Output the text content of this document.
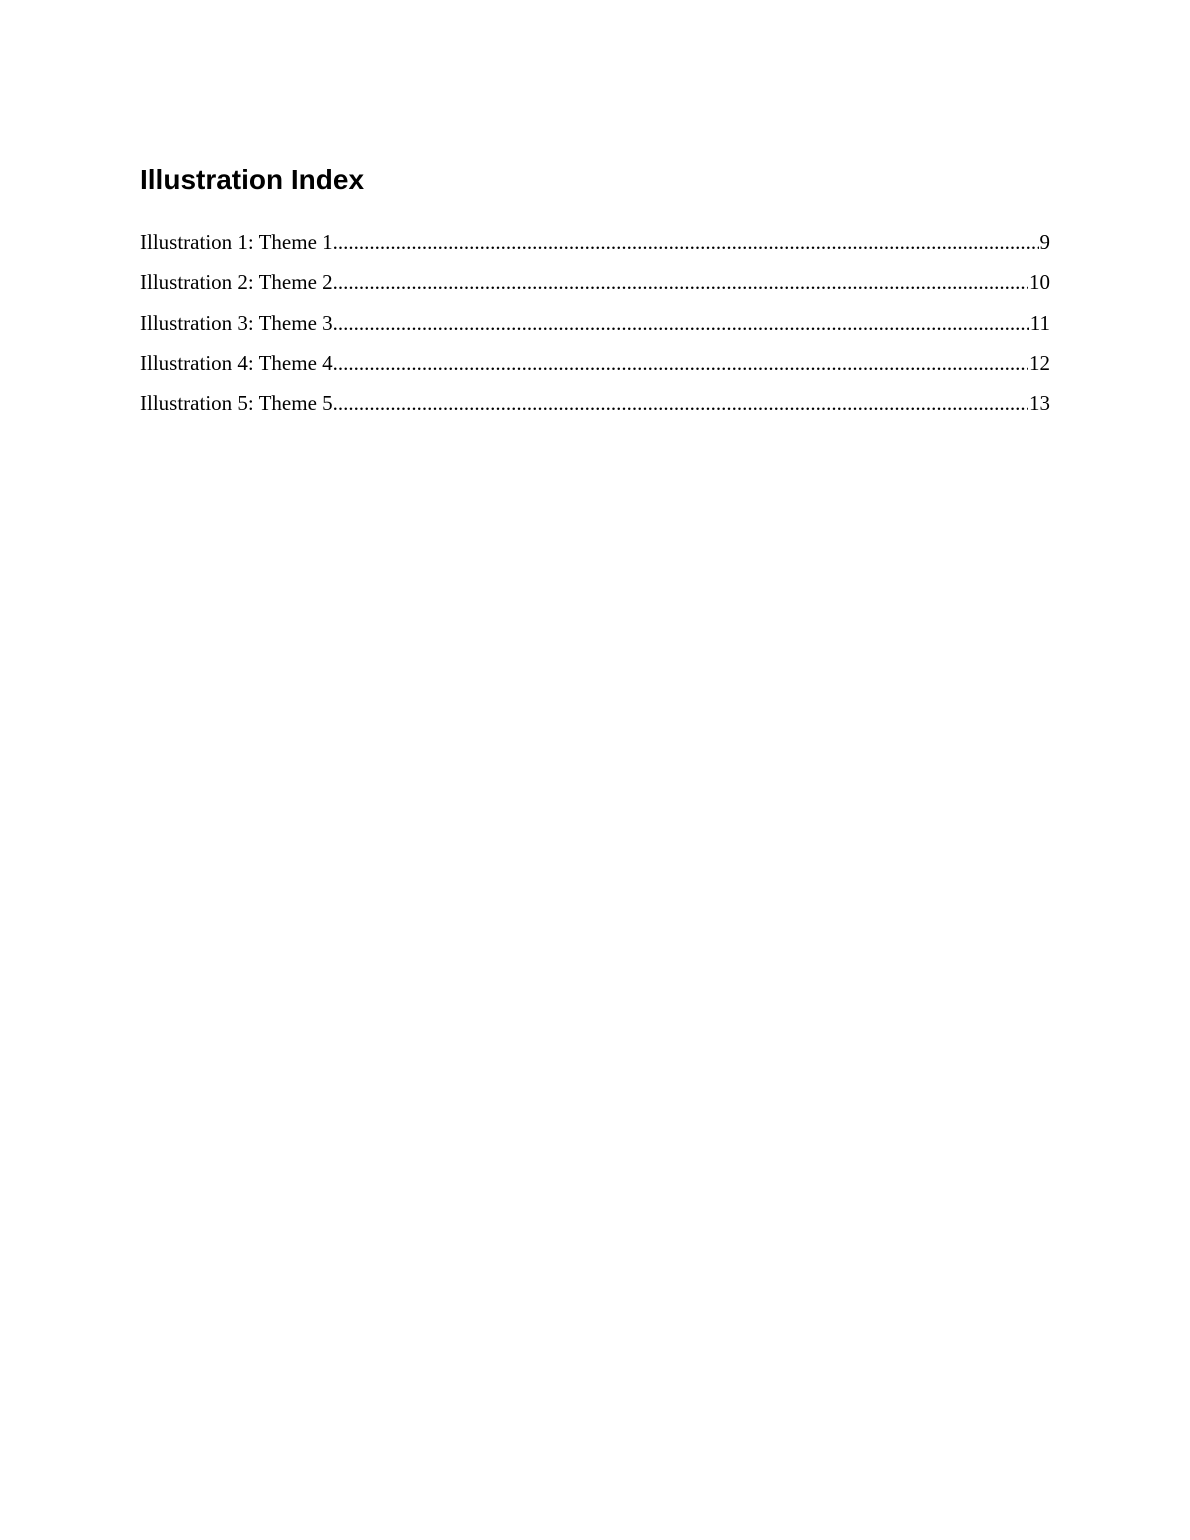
Illustration Index
Illustration 1: Theme 1 .....	9
Illustration 2: Theme 2 .....	10
Illustration 3: Theme 3 .....	11
Illustration 4: Theme 4 .....	12
Illustration 5: Theme 5 .....	13
